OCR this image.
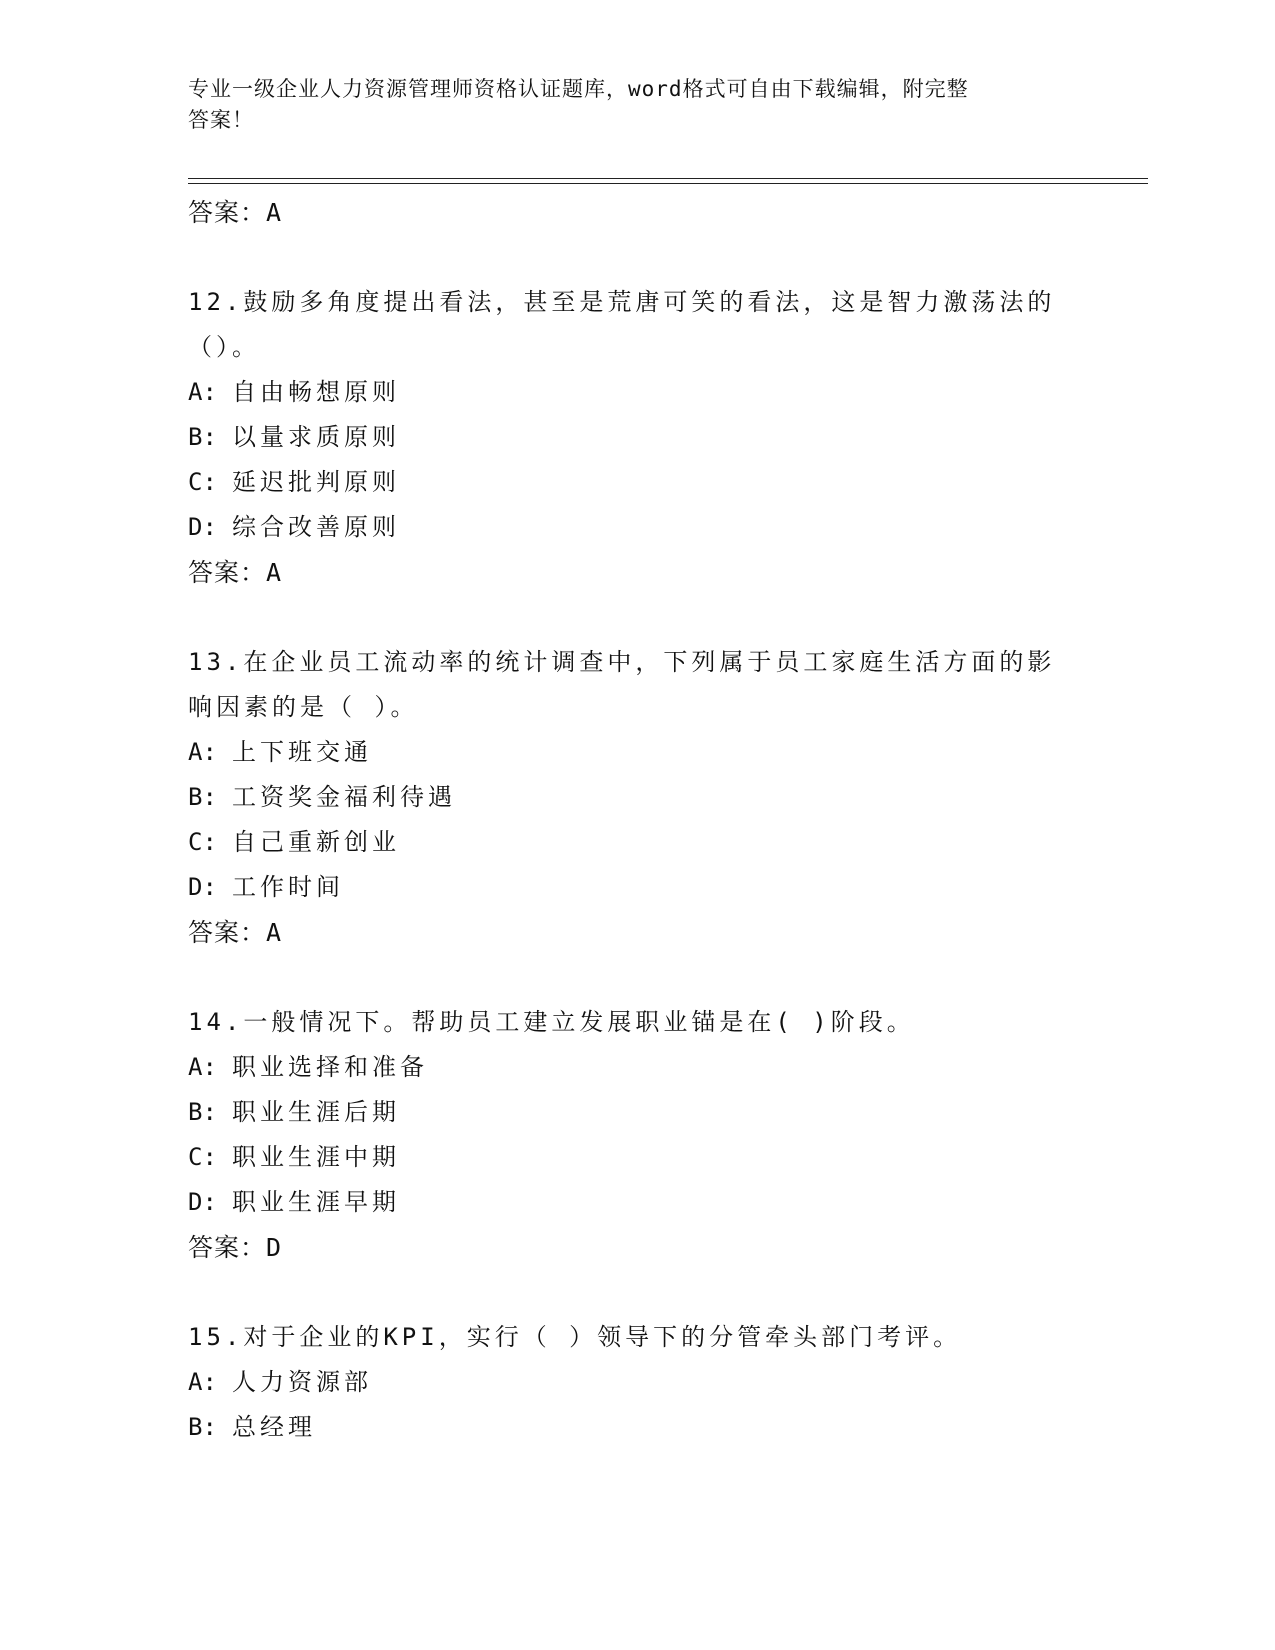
专业一级企业人力资源管理师资格认证题库，word格式可自由下载编辑，附完整
答案！
答案：A
12.鼓励多角度提出看法，甚至是荒唐可笑的看法，这是智力激荡法的
（）。
A: 自由畅想原则
B: 以量求质原则
C: 延迟批判原则
D: 综合改善原则
答案：A
13.在企业员工流动率的统计调查中，下列属于员工家庭生活方面的影
响因素的是（ ）。
A: 上下班交通
B: 工资奖金福利待遇
C: 自己重新创业
D: 工作时间
答案：A
14.一般情况下。帮助员工建立发展职业锚是在( )阶段。
A: 职业选择和准备
B: 职业生涯后期
C: 职业生涯中期
D: 职业生涯早期
答案：D
15.对于企业的KPI，实行（ ）领导下的分管牵头部门考评。
A: 人力资源部
B: 总经理
